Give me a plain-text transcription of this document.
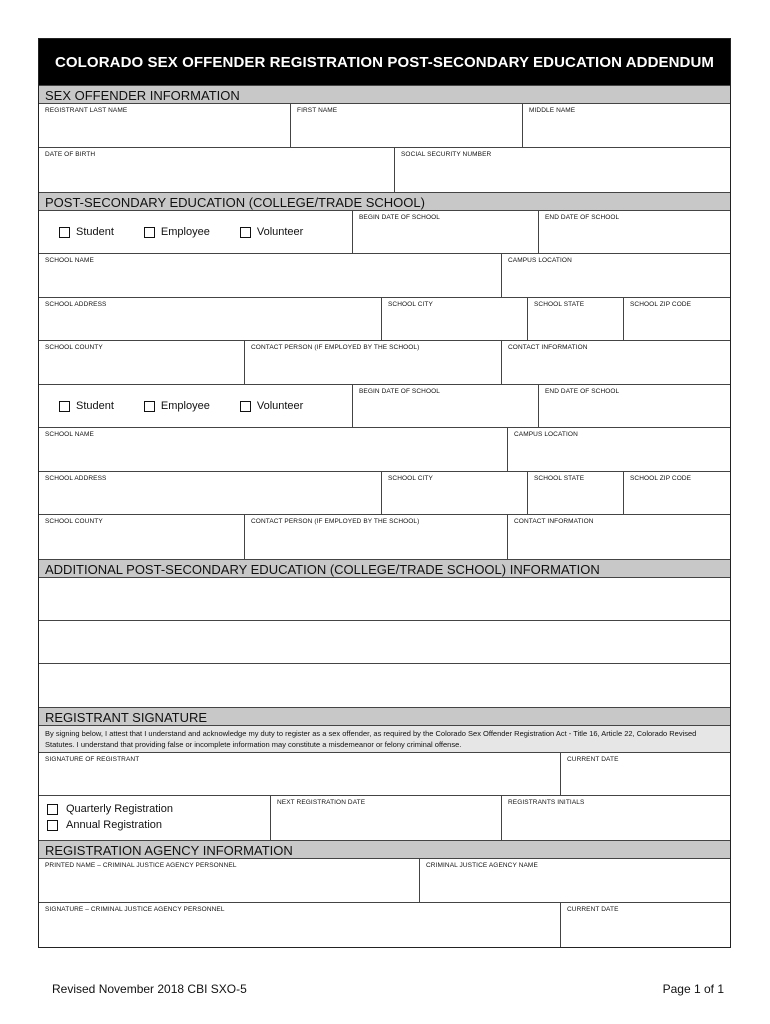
COLORADO SEX OFFENDER REGISTRATION POST-SECONDARY EDUCATION ADDENDUM
SEX OFFENDER INFORMATION
REGISTRANT LAST NAME	FIRST NAME	MIDDLE NAME
DATE OF BIRTH	SOCIAL SECURITY NUMBER
POST-SECONDARY EDUCATION (COLLEGE/TRADE SCHOOL)
Student	Employee	Volunteer
BEGIN DATE OF SCHOOL	END DATE OF SCHOOL
SCHOOL NAME	CAMPUS LOCATION
SCHOOL ADDRESS	SCHOOL CITY	SCHOOL STATE	SCHOOL ZIP CODE
SCHOOL COUNTY	CONTACT PERSON (IF EMPLOYED BY THE SCHOOL)	CONTACT INFORMATION
Student	Employee	Volunteer
BEGIN DATE OF SCHOOL	END DATE OF SCHOOL
SCHOOL NAME	CAMPUS LOCATION
SCHOOL ADDRESS	SCHOOL CITY	SCHOOL STATE	SCHOOL ZIP CODE
SCHOOL COUNTY	CONTACT PERSON (IF EMPLOYED BY THE SCHOOL)	CONTACT INFORMATION
ADDITIONAL POST-SECONDARY EDUCATION (COLLEGE/TRADE SCHOOL) INFORMATION
REGISTRANT SIGNATURE
By signing below, I attest that I understand and acknowledge my duty to register as a sex offender, as required by the Colorado Sex Offender Registration Act - Title 16, Article 22, Colorado Revised Statutes. I understand that providing false or incomplete information may constitute a misdemeanor or felony criminal offense.
SIGNATURE OF REGISTRANT	CURRENT DATE
Quarterly Registration
Annual Registration
NEXT REGISTRATION DATE	REGISTRANTS INITIALS
REGISTRATION AGENCY INFORMATION
PRINTED NAME – CRIMINAL JUSTICE AGENCY PERSONNEL	CRIMINAL JUSTICE AGENCY NAME
SIGNATURE – CRIMINAL JUSTICE AGENCY PERSONNEL	CURRENT DATE
Revised November 2018 CBI SXO-5	Page 1 of 1
